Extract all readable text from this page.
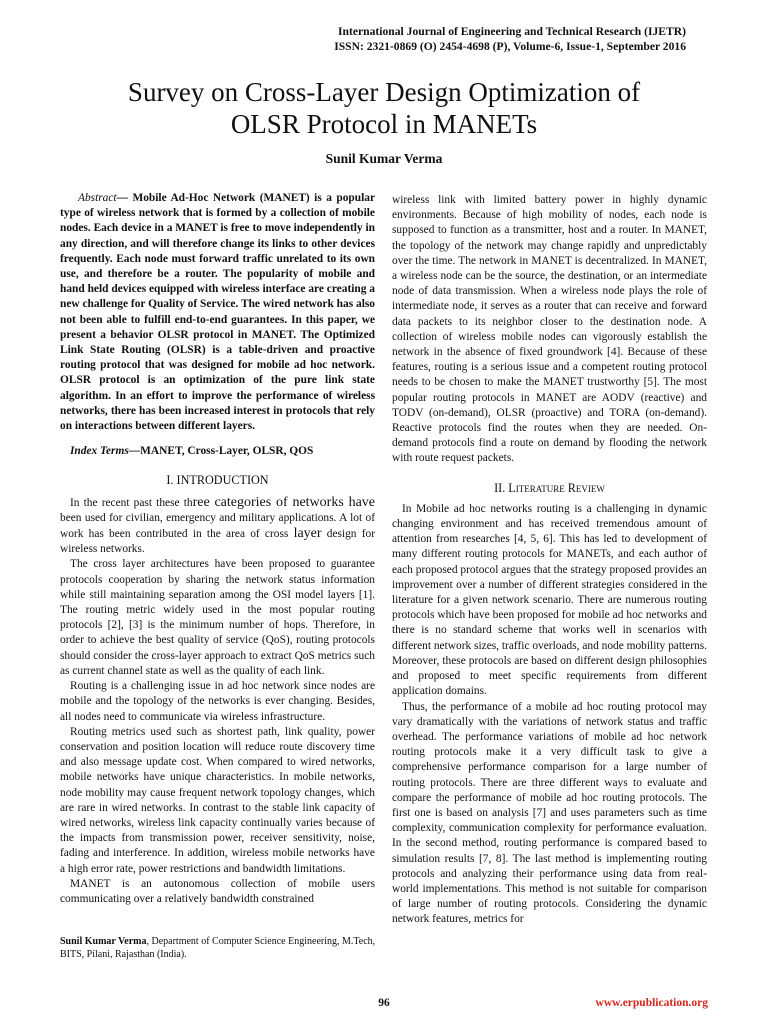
International Journal of Engineering and Technical Research (IJETR)
ISSN: 2321-0869 (O) 2454-4698 (P), Volume-6, Issue-1, September 2016
Survey on Cross-Layer Design Optimization of
OLSR Protocol in MANETs
Sunil Kumar Verma

Abstract— Mobile Ad-Hoc Network (MANET) is a popular type of wireless network that is formed by a collection of mobile nodes. Each device in a MANET is free to move independently in any direction, and will therefore change its links to other devices frequently. Each node must forward traffic unrelated to its own use, and therefore be a router. The popularity of mobile and hand held devices equipped with wireless interface are creating a new challenge for Quality of Service. The wired network has also not been able to fulfill end-to-end guarantees. In this paper, we present a behavior OLSR protocol in MANET. The Optimized Link State Routing (OLSR) is a table-driven and proactive routing protocol that was designed for mobile ad hoc network. OLSR protocol is an optimization of the pure link state algorithm. In an effort to improve the performance of wireless networks, there has been increased interest in protocols that rely on interactions between different layers.

Index Terms—MANET, Cross-Layer, OLSR, QOS

I. INTRODUCTION

In the recent past these three categories of networks have been used for civilian, emergency and military applications. A lot of work has been contributed in the area of cross layer design for wireless networks.

The cross layer architectures have been proposed to guarantee protocols cooperation by sharing the network status information while still maintaining separation among the OSI model layers [1]. The routing metric widely used in the most popular routing protocols [2], [3] is the minimum number of hops. Therefore, in order to achieve the best quality of service (QoS), routing protocols should consider the cross-layer approach to extract QoS metrics such as current channel state as well as the quality of each link.

Routing is a challenging issue in ad hoc network since nodes are mobile and the topology of the networks is ever changing. Besides, all nodes need to communicate via wireless infrastructure.

Routing metrics used such as shortest path, link quality, power conservation and position location will reduce route discovery time and also message update cost. When compared to wired networks, mobile networks have unique characteristics. In mobile networks, node mobility may cause frequent network topology changes, which are rare in wired networks. In contrast to the stable link capacity of wired networks, wireless link capacity continually varies because of the impacts from transmission power, receiver sensitivity, noise, fading and interference. In addition, wireless mobile networks have a high error rate, power restrictions and bandwidth limitations.

MANET is an autonomous collection of mobile users communicating over a relatively bandwidth constrained

wireless link with limited battery power in highly dynamic environments. Because of high mobility of nodes, each node is supposed to function as a transmitter, host and a router. In MANET, the topology of the network may change rapidly and unpredictably over the time. The network in MANET is decentralized. In MANET, a wireless node can be the source, the destination, or an intermediate node of data transmission. When a wireless node plays the role of intermediate node, it serves as a router that can receive and forward data packets to its neighbor closer to the destination node. A collection of wireless mobile nodes can vigorously establish the network in the absence of fixed groundwork [4]. Because of these features, routing is a serious issue and a competent routing protocol needs to be chosen to make the MANET trustworthy [5]. The most popular routing protocols in MANET are AODV (reactive) and TODV (on-demand), OLSR (proactive) and TORA (on-demand). Reactive protocols find the routes when they are needed. On-demand protocols find a route on demand by flooding the network with route request packets.

II. Literature Review

In Mobile ad hoc networks routing is a challenging in dynamic changing environment and has received tremendous amount of attention from researches [4, 5, 6]. This has led to development of many different routing protocols for MANETs, and each author of each proposed protocol argues that the strategy proposed provides an improvement over a number of different strategies considered in the literature for a given network scenario. There are numerous routing protocols which have been proposed for mobile ad hoc networks and there is no standard scheme that works well in scenarios with different network sizes, traffic overloads, and node mobility patterns. Moreover, these protocols are based on different design philosophies and proposed to meet specific requirements from different application domains.

Thus, the performance of a mobile ad hoc routing protocol may vary dramatically with the variations of network status and traffic overhead. The performance variations of mobile ad hoc network routing protocols make it a very difficult task to give a comprehensive performance comparison for a large number of routing protocols. There are three different ways to evaluate and compare the performance of mobile ad hoc routing protocols. The first one is based on analysis [7] and uses parameters such as time complexity, communication complexity for performance evaluation. In the second method, routing performance is compared based to simulation results [7, 8]. The last method is implementing routing protocols and analyzing their performance using data from real-world implementations. This method is not suitable for comparison of large number of routing protocols. Considering the dynamic network features, metrics for

Sunil Kumar Verma, Department of Computer Science Engineering, M.Tech, BITS, Pilani, Rajasthan (India).
96	www.erpublication.org
